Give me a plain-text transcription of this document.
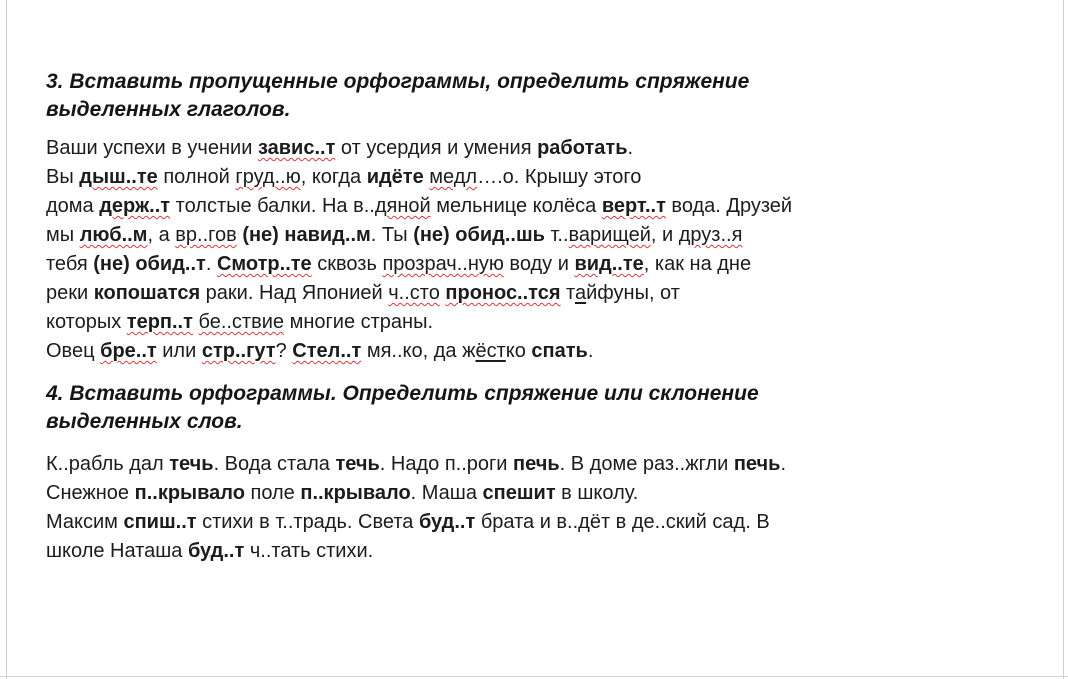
3. Вставить пропущенные орфограммы, определить спряжение
выделенных глаголов.

Ваши успехи в учении завис..т от усердия и умения работать.
Вы дыш..те полной груд..ю, когда идёте медл….о. Крышу этого
дома держ..т толстые балки. На в..дяной мельнице колёса верт..т вода. Друзей
мы люб..м, а вр..гов (не) навид..м. Ты (не) обид..шь т..варищей, и друз..я
тебя (не) обид..т. Смотр..те сквозь прозрач..ную воду и вид..те, как на дне
реки копошатся раки. Над Японией ч..сто пронос..тся тайфуны, от
которых терп..т бе..ствие многие страны.
Овец бре..т или стр..гут? Стел..т мя..ко, да жёстко спать.

4. Вставить орфограммы. Определить спряжение или склонение
выделенных слов.

К..рабль дал течь. Вода стала течь. Надо п..роги печь. В доме раз..жгли печь.
Снежное п..крывало поле п..крывало. Маша спешит в школу.
Максим спиш..т стихи в т..традь. Света буд..т брата и в..дёт в де..ский сад. В
школе Наташа буд..т ч..тать стихи.
